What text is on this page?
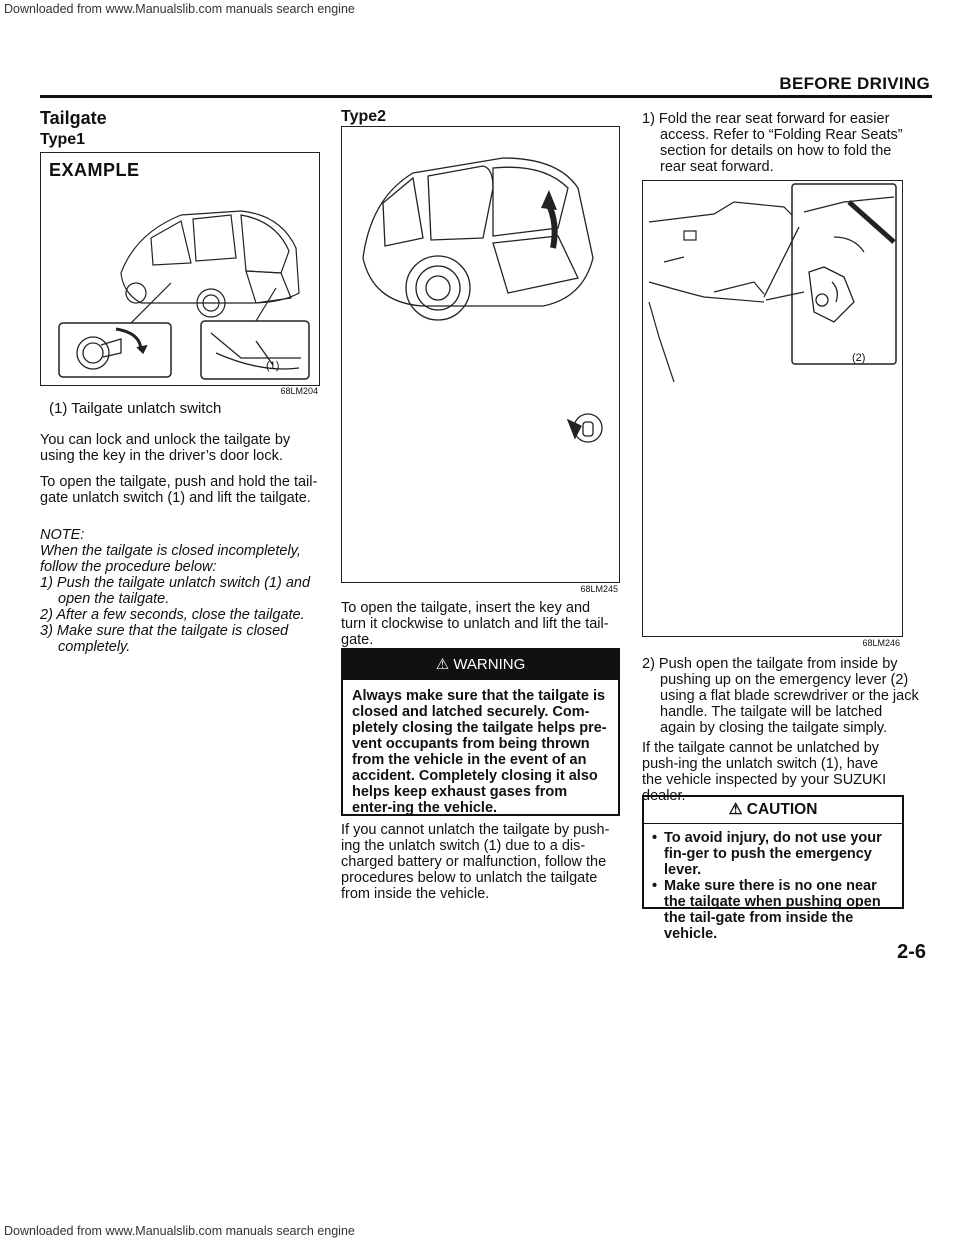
Downloaded from www.Manualslib.com manuals search engine
BEFORE DRIVING
Tailgate
Type1
EXAMPLE
(1)
68LM204
(1) Tailgate unlatch switch
You can lock and unlock the tailgate by using the key in the driver’s door lock.
To open the tailgate, push and hold the tail-gate unlatch switch (1) and lift the tailgate.
NOTE:
When the tailgate is closed incompletely, follow the procedure below:
1) Push the tailgate unlatch switch (1) and open the tailgate.
2) After a few seconds, close the tailgate.
3) Make sure that the tailgate is closed completely.
Type2
68LM245
To open the tailgate, insert the key and turn it clockwise to unlatch and lift the tail-gate.
⚠ WARNING
Always make sure that the tailgate is closed and latched securely. Com-pletely closing the tailgate helps pre-vent occupants from being thrown from the vehicle in the event of an accident. Completely closing it also helps keep exhaust gases from enter-ing the vehicle.
If you cannot unlatch the tailgate by push-ing the unlatch switch (1) due to a dis-charged battery or malfunction, follow the procedures below to unlatch the tailgate from inside the vehicle.
1) Fold the rear seat forward for easier access. Refer to “Folding Rear Seats” section for details on how to fold the rear seat forward.
(2)
68LM246
2) Push open the tailgate from inside by pushing up on the emergency lever (2) using a flat blade screwdriver or the jack handle. The tailgate will be latched again by closing the tailgate simply.
If the tailgate cannot be unlatched by push-ing the unlatch switch (1), have the vehicle inspected by your SUZUKI dealer.
⚠ CAUTION
• To avoid injury, do not use your fin-ger to push the emergency lever.
• Make sure there is no one near the tailgate when pushing open the tail-gate from inside the vehicle.
2-6
Downloaded from www.Manualslib.com manuals search engine
